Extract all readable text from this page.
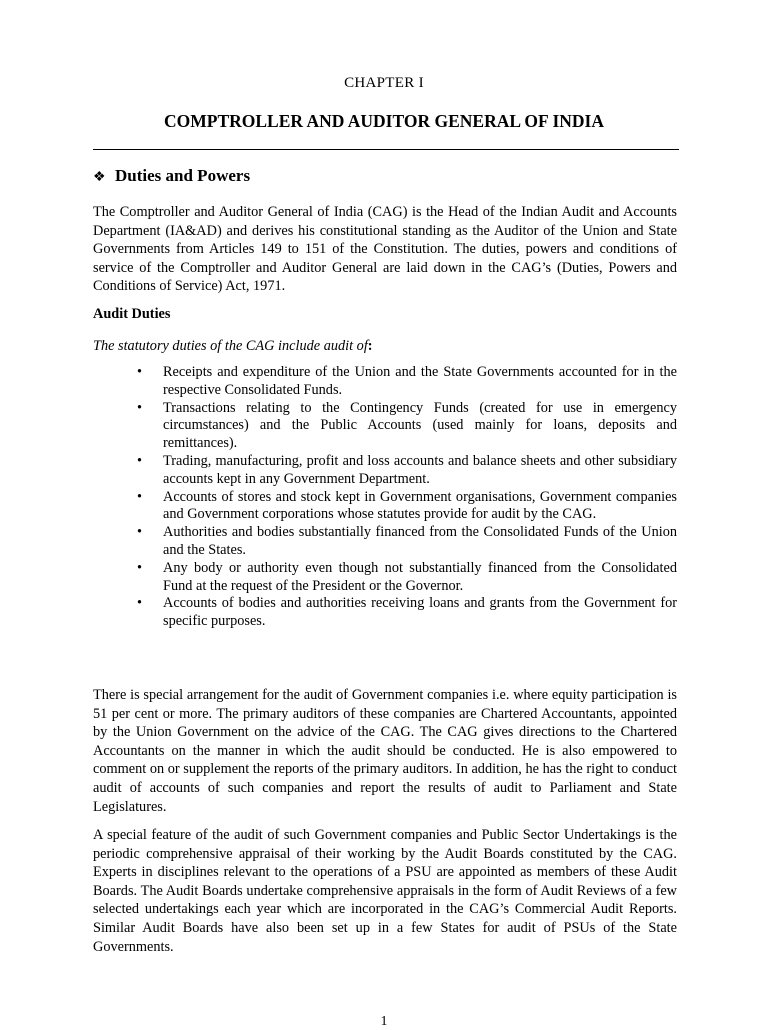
CHAPTER I
COMPTROLLER AND AUDITOR GENERAL OF INDIA
❖ Duties and Powers
The Comptroller and Auditor General of India (CAG) is the Head of the Indian Audit and Accounts Department (IA&AD) and derives his constitutional standing as the Auditor of the Union and State Governments from Articles 149 to 151 of the Constitution. The duties, powers and conditions of service of the Comptroller and Auditor General are laid down in the CAG’s (Duties, Powers and Conditions of Service) Act, 1971.
Audit Duties
The statutory duties of the CAG include audit of:
• Receipts and expenditure of the Union and the State Governments accounted for in the respective Consolidated Funds.
• Transactions relating to the Contingency Funds (created for use in emergency circumstances) and the Public Accounts (used mainly for loans, deposits and remittances).
• Trading, manufacturing, profit and loss accounts and balance sheets and other subsidiary accounts kept in any Government Department.
• Accounts of stores and stock kept in Government organisations, Government companies and Government corporations whose statutes provide for audit by the CAG.
• Authorities and bodies substantially financed from the Consolidated Funds of the Union and the States.
• Any body or authority even though not substantially financed from the Consolidated Fund at the request of the President or the Governor.
• Accounts of bodies and authorities receiving loans and grants from the Government for specific purposes.
There is special arrangement for the audit of Government companies i.e. where equity participation is 51 per cent or more. The primary auditors of these companies are Chartered Accountants, appointed by the Union Government on the advice of the CAG. The CAG gives directions to the Chartered Accountants on the manner in which the audit should be conducted. He is also empowered to comment on or supplement the reports of the primary auditors. In addition, he has the right to conduct audit of accounts of such companies and report the results of audit to Parliament and State Legislatures.
A special feature of the audit of such Government companies and Public Sector Undertakings is the periodic comprehensive appraisal of their working by the Audit Boards constituted by the CAG. Experts in disciplines relevant to the operations of a PSU are appointed as members of these Audit Boards. The Audit Boards undertake comprehensive appraisals in the form of Audit Reviews of a few selected undertakings each year which are incorporated in the CAG’s Commercial Audit Reports. Similar Audit Boards have also been set up in a few States for audit of PSUs of the State Governments.
1
